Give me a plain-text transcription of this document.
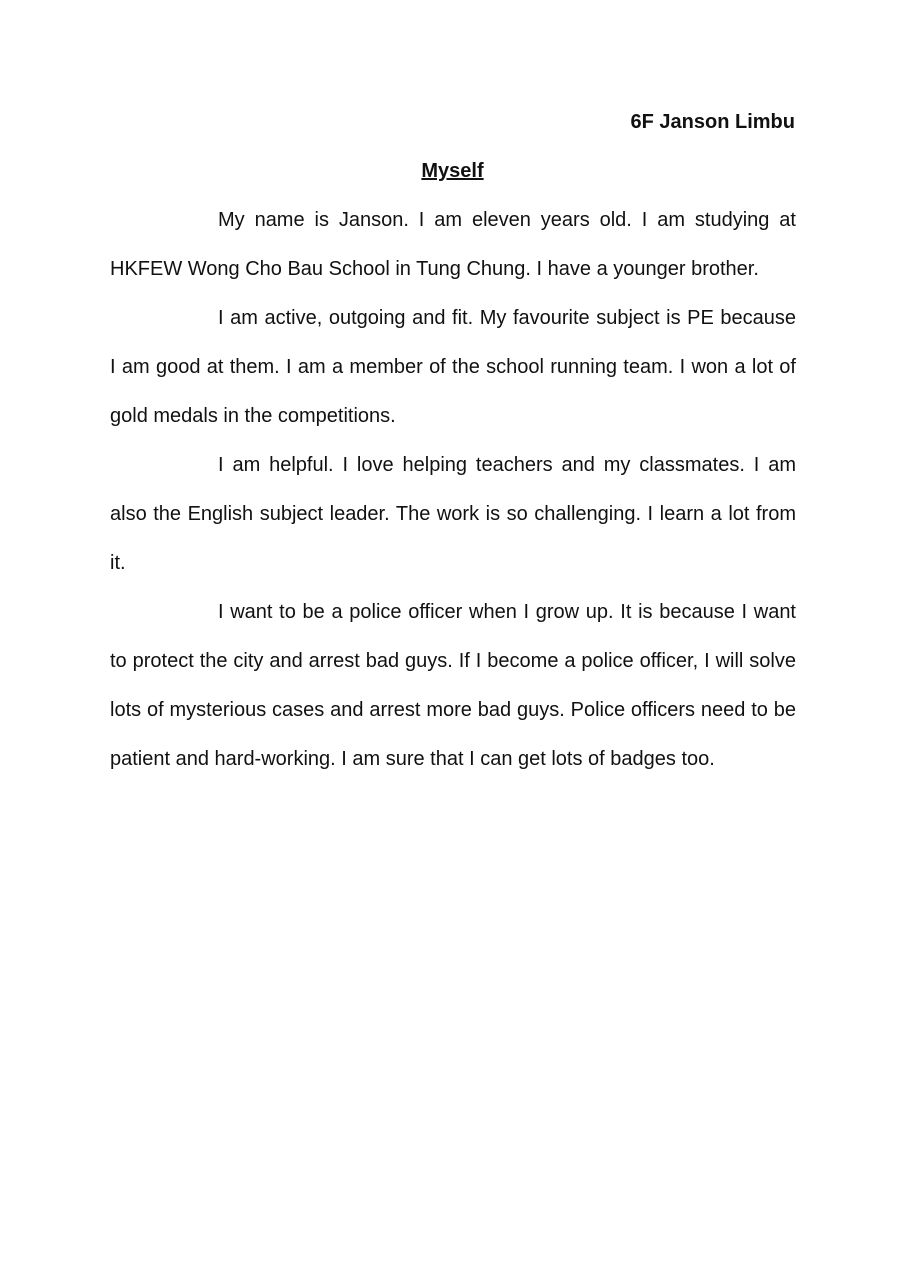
6F Janson Limbu
Myself

My name is Janson. I am eleven years old. I am studying at HKFEW Wong Cho Bau School in Tung Chung. I have a younger brother.

I am active, outgoing and fit. My favourite subject is PE because I am good at them. I am a member of the school running team. I won a lot of gold medals in the competitions.

I am helpful. I love helping teachers and my classmates. I am also the English subject leader. The work is so challenging. I learn a lot from it.

I want to be a police officer when I grow up. It is because I want to protect the city and arrest bad guys. If I become a police officer, I will solve lots of mysterious cases and arrest more bad guys. Police officers need to be patient and hard-working. I am sure that I can get lots of badges too.
